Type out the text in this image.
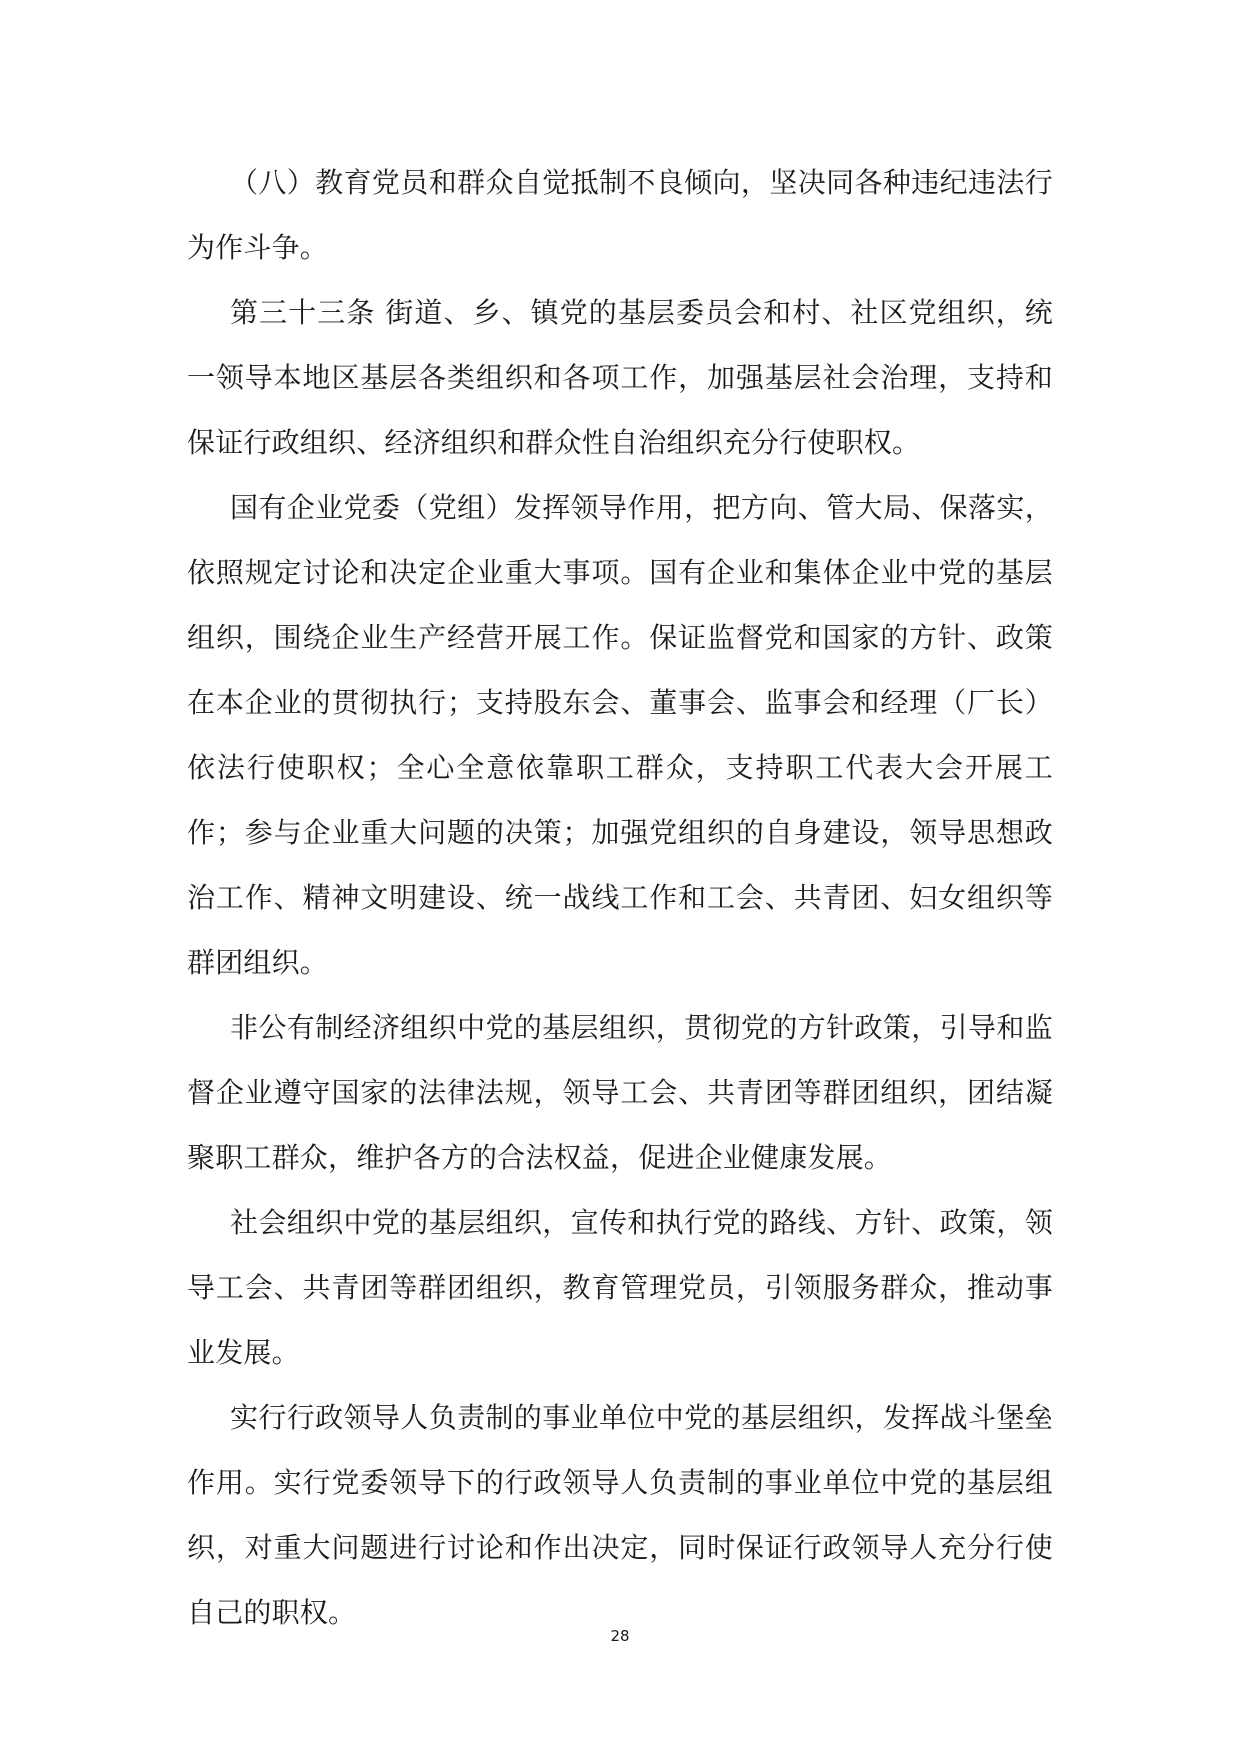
（八）教育党员和群众自觉抵制不良倾向，坚决同各种违纪违法行为作斗争。

第三十三条 街道、乡、镇党的基层委员会和村、社区党组织，统一领导本地区基层各类组织和各项工作，加强基层社会治理，支持和保证行政组织、经济组织和群众性自治组织充分行使职权。

国有企业党委（党组）发挥领导作用，把方向、管大局、保落实，依照规定讨论和决定企业重大事项。国有企业和集体企业中党的基层组织，围绕企业生产经营开展工作。保证监督党和国家的方针、政策在本企业的贯彻执行；支持股东会、董事会、监事会和经理（厂长）依法行使职权；全心全意依靠职工群众，支持职工代表大会开展工作；参与企业重大问题的决策；加强党组织的自身建设，领导思想政治工作、精神文明建设、统一战线工作和工会、共青团、妇女组织等群团组织。

非公有制经济组织中党的基层组织，贯彻党的方针政策，引导和监督企业遵守国家的法律法规，领导工会、共青团等群团组织，团结凝聚职工群众，维护各方的合法权益，促进企业健康发展。

社会组织中党的基层组织，宣传和执行党的路线、方针、政策，领导工会、共青团等群团组织，教育管理党员，引领服务群众，推动事业发展。

实行行政领导人负责制的事业单位中党的基层组织，发挥战斗堡垒作用。实行党委领导下的行政领导人负责制的事业单位中党的基层组织，对重大问题进行讨论和作出决定，同时保证行政领导人充分行使自己的职权。

28
